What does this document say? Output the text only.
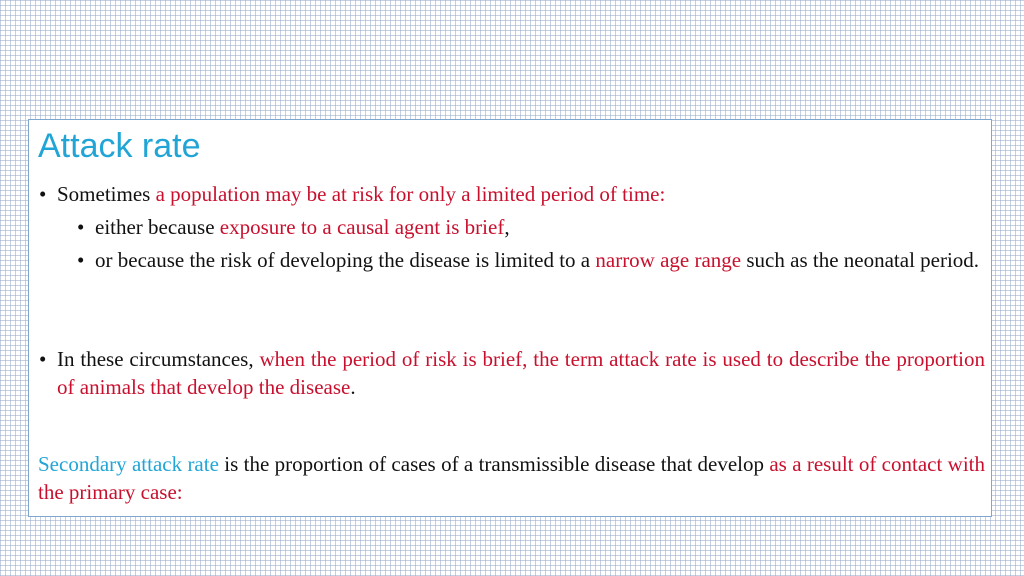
Attack rate
• Sometimes a population may be at risk for only a limited period of time:
• either because exposure to a causal agent is brief,
• or because the risk of developing the disease is limited to a narrow age range such as the neonatal period.
• In these circumstances, when the period of risk is brief, the term attack rate is used to describe the proportion of animals that develop the disease.
Secondary attack rate is the proportion of cases of a transmissible disease that develop as a result of contact with the primary case:
